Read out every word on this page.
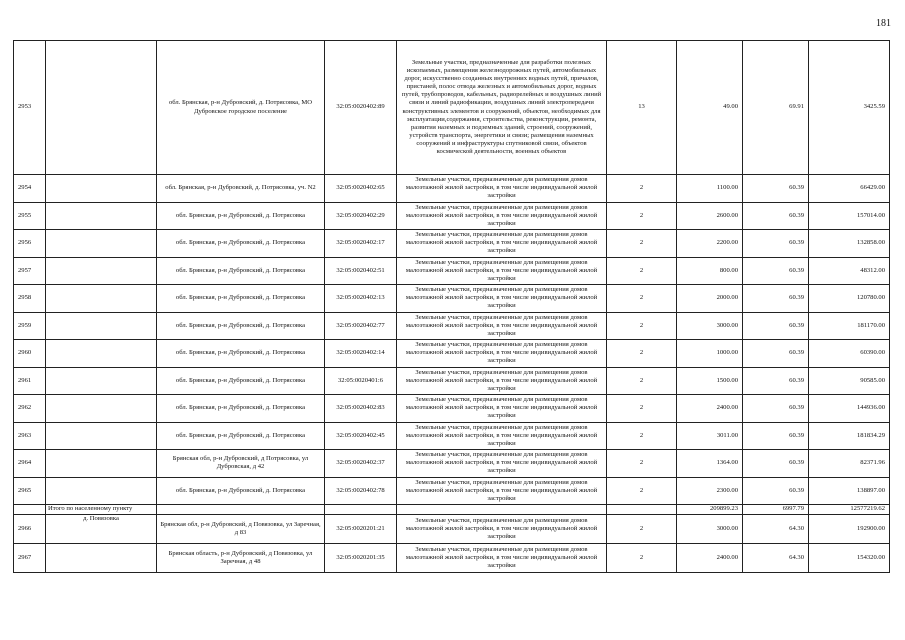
181
2953		обл. Брянская, р-н Дубровский, д. Потрясовка, МО Дубровское городское поселение	32:05:0020402:89	Земельные участки, предназначенные для разработки полезных ископаемых, размещения железнодорожных путей, автомобильных дорог, искусственно созданных внутренних водных путей, причалов, пристаней, полос отвода железных и автомобильных дорог, водных путей, трубопроводов, кабельных, радиорелейных и воздушных линий связи и линий радиофикации, воздушных линий электропередачи конструктивных элементов и сооружений, объектов, необходимых для эксплуатации,содержания, строительства, реконструкции, ремонта, развития наземных и подземных зданий, строений, сооружений, устройств транспорта, энергетики и связи; размещения наземных сооружений и инфраструктуры спутниковой связи, объектов космической деятельности, военных объектов	13	49.00	69.91	3425.59
2954		обл. Брянская, р-н Дубровский, д. Потрясовка, уч. N2	32:05:0020402:65	Земельные участки, предназначенные для размещения домов малоэтажной жилой застройки, в том числе индивидуальной жилой застройки	2	1100.00	60.39	66429.00
2955		обл. Брянская, р-н Дубровский, д. Потрясовка	32:05:0020402:29	Земельные участки, предназначенные для размещения домов малоэтажной жилой застройки, в том числе индивидуальной жилой застройки	2	2600.00	60.39	157014.00
2956		обл. Брянская, р-н Дубровский, д. Потрясовка	32:05:0020402:17	Земельные участки, предназначенные для размещения домов малоэтажной жилой застройки, в том числе индивидуальной жилой застройки	2	2200.00	60.39	132858.00
2957		обл. Брянская, р-н Дубровский, д. Потрясовка	32:05:0020402:51	Земельные участки, предназначенные для размещения домов малоэтажной жилой застройки, в том числе индивидуальной жилой застройки	2	800.00	60.39	48312.00
2958		обл. Брянская, р-н Дубровский, д. Потрясовка	32:05:0020402:13	Земельные участки, предназначенные для размещения домов малоэтажной жилой застройки, в том числе индивидуальной жилой застройки	2	2000.00	60.39	120780.00
2959		обл. Брянская, р-н Дубровский, д. Потрясовка	32:05:0020402:77	Земельные участки, предназначенные для размещения домов малоэтажной жилой застройки, в том числе индивидуальной жилой застройки	2	3000.00	60.39	181170.00
2960		обл. Брянская, р-н Дубровский, д. Потрясовка	32:05:0020402:14	Земельные участки, предназначенные для размещения домов малоэтажной жилой застройки, в том числе индивидуальной жилой застройки	2	1000.00	60.39	60390.00
2961		обл. Брянская, р-н Дубровский, д. Потрясовка	32:05:0020401:6	Земельные участки, предназначенные для размещения домов малоэтажной жилой застройки, в том числе индивидуальной жилой застройки	2	1500.00	60.39	90585.00
2962		обл. Брянская, р-н Дубровский, д. Потрясовка	32:05:0020402:83	Земельные участки, предназначенные для размещения домов малоэтажной жилой застройки, в том числе индивидуальной жилой застройки	2	2400.00	60.39	144936.00
2963		обл. Брянская, р-н Дубровский, д. Потрясовка	32:05:0020402:45	Земельные участки, предназначенные для размещения домов малоэтажной жилой застройки, в том числе индивидуальной жилой застройки	2	3011.00	60.39	181834.29
2964		Брянская обл, р-н Дубровский, д Потрясовка, ул Дубровская, д 42	32:05:0020402:37	Земельные участки, предназначенные для размещения домов малоэтажной жилой застройки, в том числе индивидуальной жилой застройки	2	1364.00	60.39	82371.96
2965		обл. Брянская, р-н Дубровский, д. Потрясовка	32:05:0020402:78	Земельные участки, предназначенные для размещения домов малоэтажной жилой застройки, в том числе индивидуальной жилой застройки	2	2300.00	60.39	138897.00
	Итого по населенному пункту					209899.23	6997.79	12577219.62
2966	д. Повязовка	Брянская обл, р-н Дубровский, д Повязовка, ул Заречная, д 83	32:05:0020201:21	Земельные участки, предназначенные для размещения домов малоэтажной жилой застройки, в том числе индивидуальной жилой застройки	2	3000.00	64.30	192900.00
2967		Брянская область, р-н Дубровский, д Повязовка, ул Заречная, д 48	32:05:0020201:35	Земельные участки, предназначенные для размещения домов малоэтажной жилой застройки, в том числе индивидуальной жилой застройки	2	2400.00	64.30	154320.00
